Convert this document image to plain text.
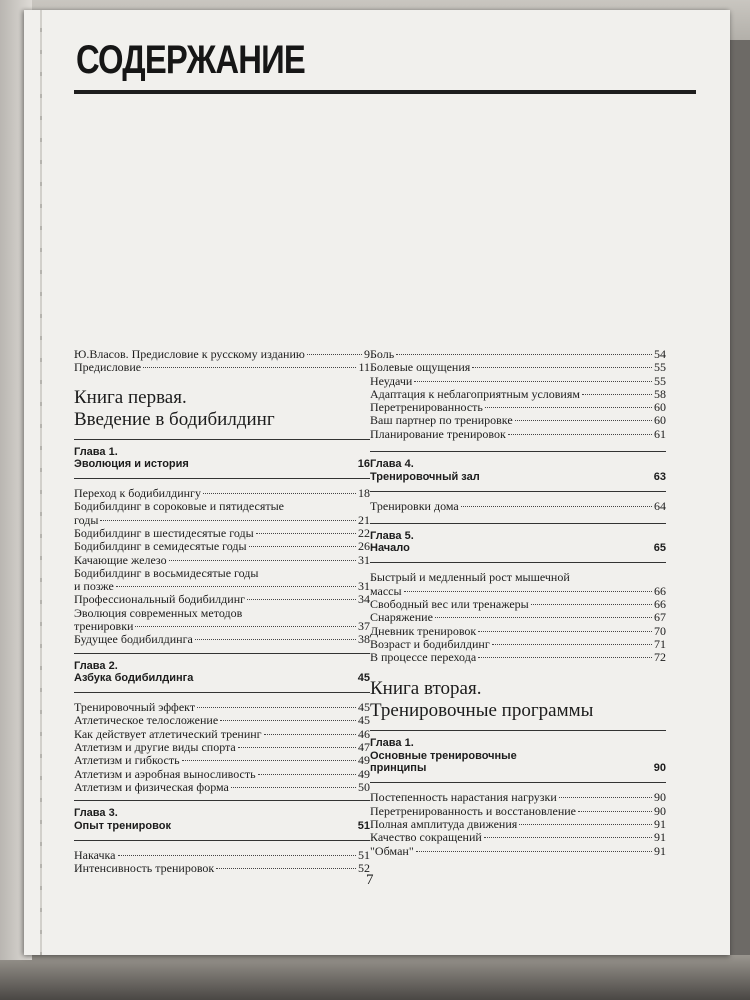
СОДЕРЖАНИЕ
Ю.Власов. Предисловие к русскому изданию	9
Предисловие	11
Книга первая.
Введение в бодибилдинг
Глава 1.
Эволюция и история	16
Переход к бодибилдингу	18
Бодибилдинг в сороковые и пятидесятые
годы	21
Бодибилдинг в шестидесятые годы	22
Бодибилдинг в семидесятые годы	26
Качающие железо	31
Бодибилдинг в восьмидесятые годы
и позже	31
Профессиональный бодибилдинг	34
Эволюция современных методов
тренировки	37
Будущее бодибилдинга	38
Глава 2.
Азбука бодибилдинга	45
Тренировочный эффект	45
Атлетическое телосложение	45
Как действует атлетический тренинг	46
Атлетизм и другие виды спорта	47
Атлетизм и гибкость	49
Атлетизм и аэробная выносливость	49
Атлетизм и физическая форма	50
Глава 3.
Опыт тренировок	51
Накачка	51
Интенсивность тренировок	52
Боль	54
Болевые ощущения	55
Неудачи	55
Адаптация к неблагоприятным условиям	58
Перетренированность	60
Ваш партнер по тренировке	60
Планирование тренировок	61
Глава 4.
Тренировочный зал	63
Тренировки дома	64
Глава 5.
Начало	65
Быстрый и медленный рост мышечной
массы	66
Свободный вес или тренажеры	66
Снаряжение	67
Дневник тренировок	70
Возраст и бодибилдинг	71
В процессе перехода	72
Книга вторая.
Тренировочные программы
Глава 1.
Основные тренировочные
принципы	90
Постепенность нарастания нагрузки	90
Перетренированность и восстановление	90
Полная амплитуда движения	91
Качество сокращений	91
"Обман"	91
7
